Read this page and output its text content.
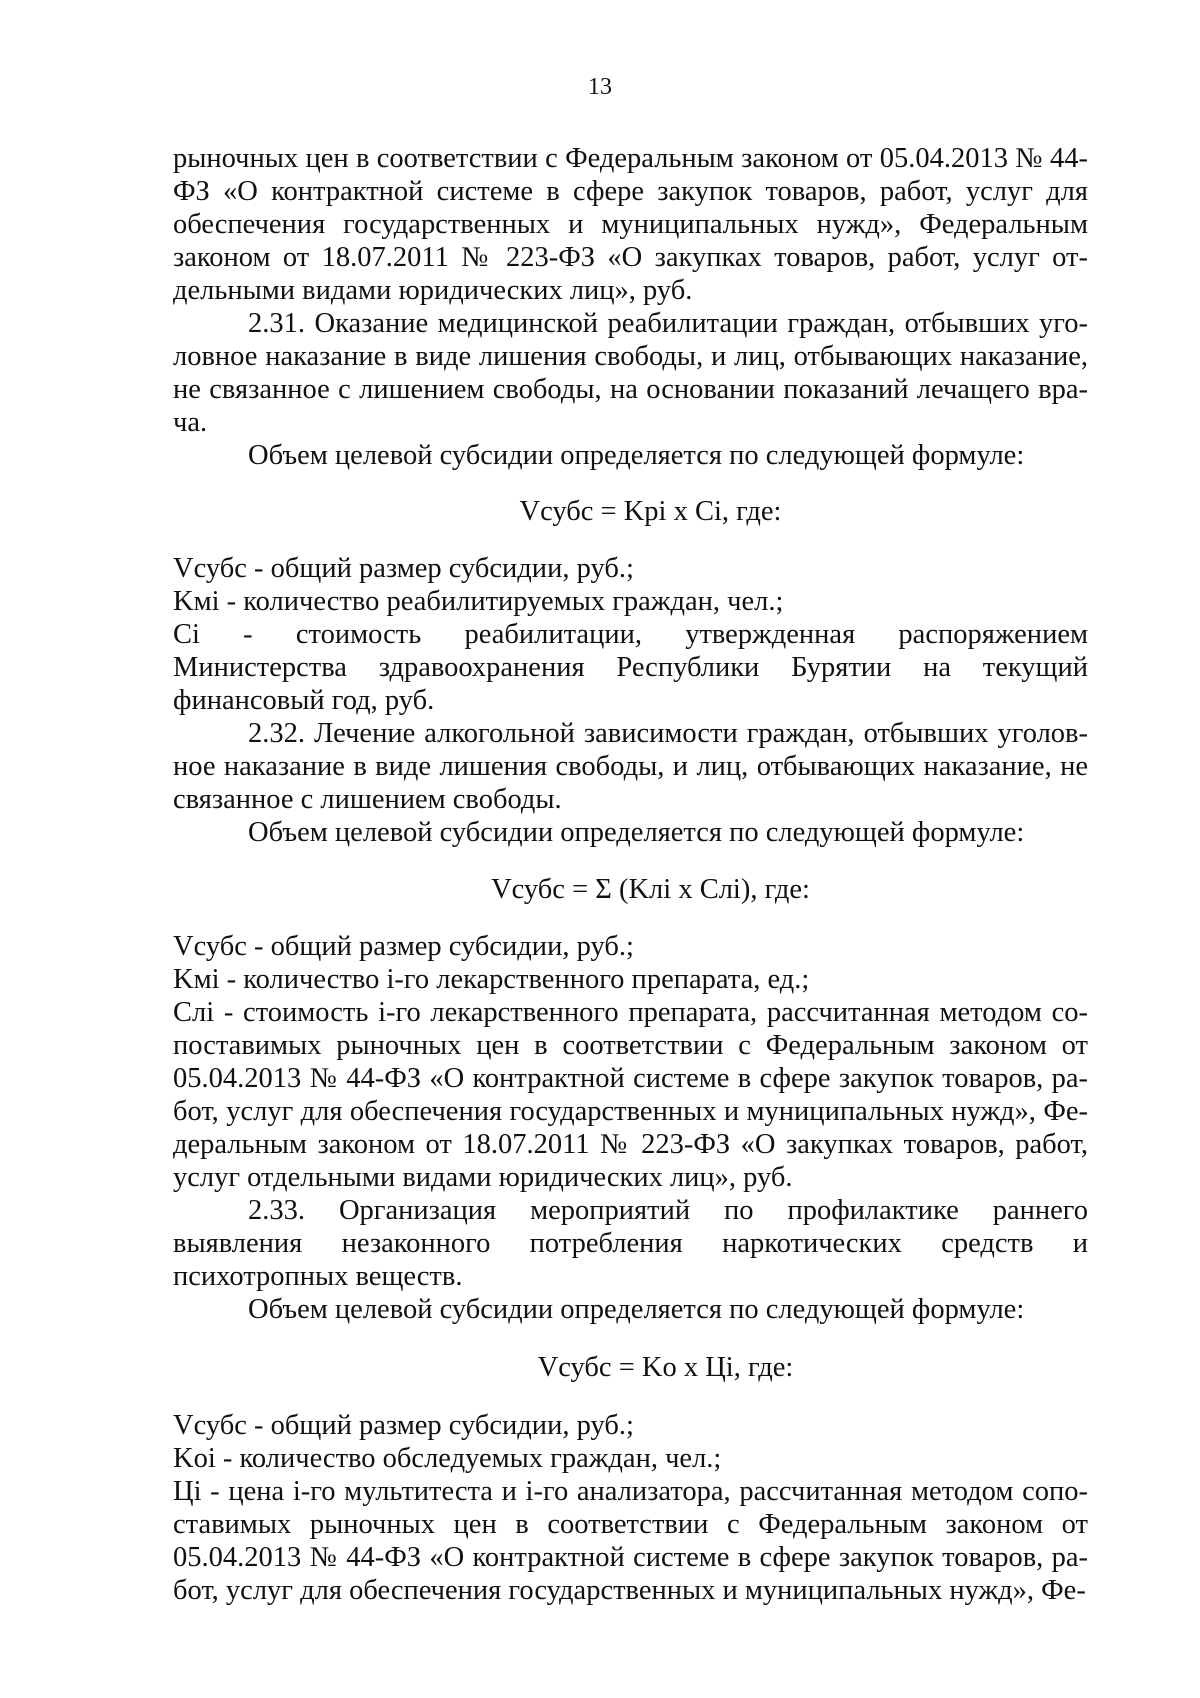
13

рыночных цен в соответствии с Федеральным законом от 05.04.2013 № 44-ФЗ «О контрактной системе в сфере закупок товаров, работ, услуг для обеспечения государственных и муниципальных нужд», Федеральным законом от 18.07.2011 № 223-ФЗ «О закупках товаров, работ, услуг отдельными видами юридических лиц», руб.

2.31. Оказание медицинской реабилитации граждан, отбывших уголовное наказание в виде лишения свободы, и лиц, отбывающих наказание, не связанное с лишением свободы, на основании показаний лечащего врача.

Объем целевой субсидии определяется по следующей формуле:

Vсубс = Kpi x Ci, где:

Vсубс - общий размер субсидии, руб.;

Kмi - количество реабилитируемых граждан, чел.;

Ci - стоимость реабилитации, утвержденная распоряжением Министерства здравоохранения Республики Бурятии на текущий финансовый год, руб.

2.32. Лечение алкогольной зависимости граждан, отбывших уголовное наказание в виде лишения свободы, и лиц, отбывающих наказание, не связанное с лишением свободы.

Объем целевой субсидии определяется по следующей формуле:

Vсубс = Σ (Kлi x Cлi), где:

Vсубс - общий размер субсидии, руб.;

Kмi - количество i-го лекарственного препарата, ед.;

Cлi - стоимость i-го лекарственного препарата, рассчитанная методом сопоставимых рыночных цен в соответствии с Федеральным законом от 05.04.2013 № 44-ФЗ «О контрактной системе в сфере закупок товаров, работ, услуг для обеспечения государственных и муниципальных нужд», Федеральным законом от 18.07.2011 № 223-ФЗ «О закупках товаров, работ, услуг отдельными видами юридических лиц», руб.

2.33. Организация мероприятий по профилактике раннего выявления незаконного потребления наркотических средств и психотропных веществ.

Объем целевой субсидии определяется по следующей формуле:

Vсубс = Ko x Цi, где:

Vсубс - общий размер субсидии, руб.;

Koi - количество обследуемых граждан, чел.;

Цi - цена i-го мультитеста и i-го анализатора, рассчитанная методом сопоставимых рыночных цен в соответствии с Федеральным законом от 05.04.2013 № 44-ФЗ «О контрактной системе в сфере закупок товаров, работ, услуг для обеспечения государственных и муниципальных нужд», Фе-
